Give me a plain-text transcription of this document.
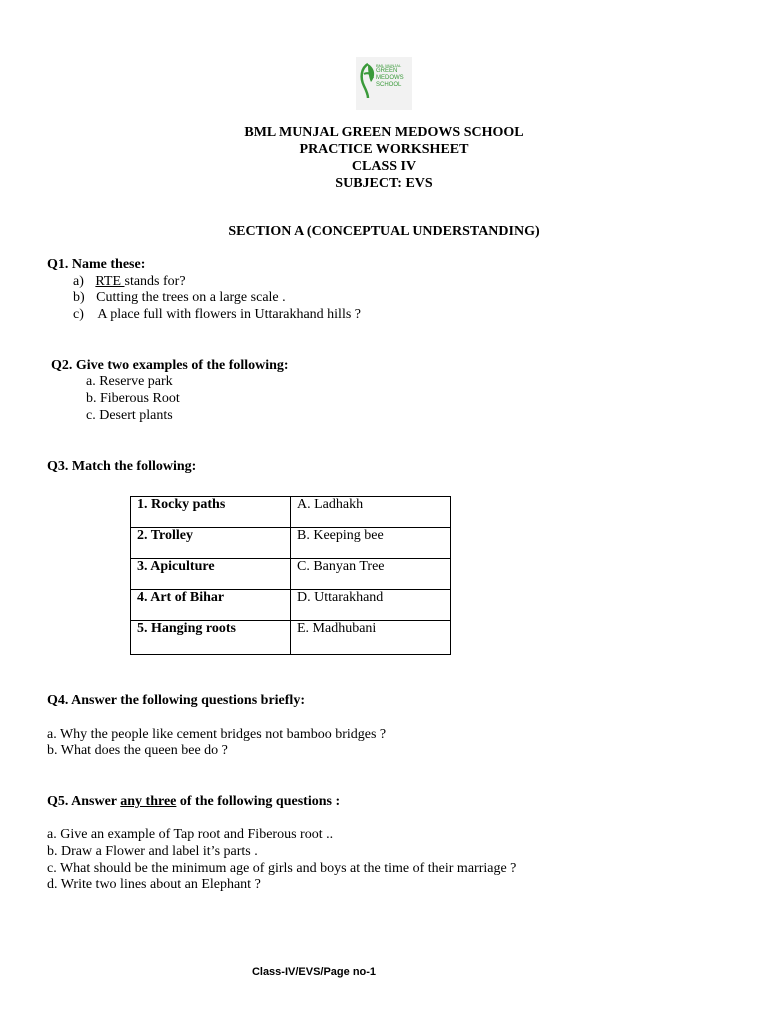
BML MUNJAL
GREEN
MEDOWS
SCHOOL
BML MUNJAL GREEN MEDOWS SCHOOL
PRACTICE WORKSHEET
CLASS IV
SUBJECT: EVS
SECTION A (CONCEPTUAL UNDERSTANDING)
Q1. Name these:
a) RTE stands for?
b) Cutting the trees on a large scale .
c) A place full with flowers in Uttarakhand hills ?
Q2. Give two examples of the following:
a. Reserve park
b. Fiberous Root
c. Desert plants
Q3. Match the following:
1. Rocky paths	A. Ladhakh
2. Trolley	B. Keeping bee
3. Apiculture	C. Banyan Tree
4. Art of Bihar	D. Uttarakhand
5. Hanging roots	E. Madhubani
Q4. Answer the following questions briefly:
a. Why the people like cement bridges not bamboo bridges ?
b. What does the queen bee do ?
Q5. Answer any three of the following questions :
a. Give an example of Tap root and Fiberous root ..
b. Draw a Flower and label it’s parts .
c. What should be the minimum age of girls and boys at the time of their marriage ?
d. Write two lines about an Elephant ?
Class-IV/EVS/Page no-1
